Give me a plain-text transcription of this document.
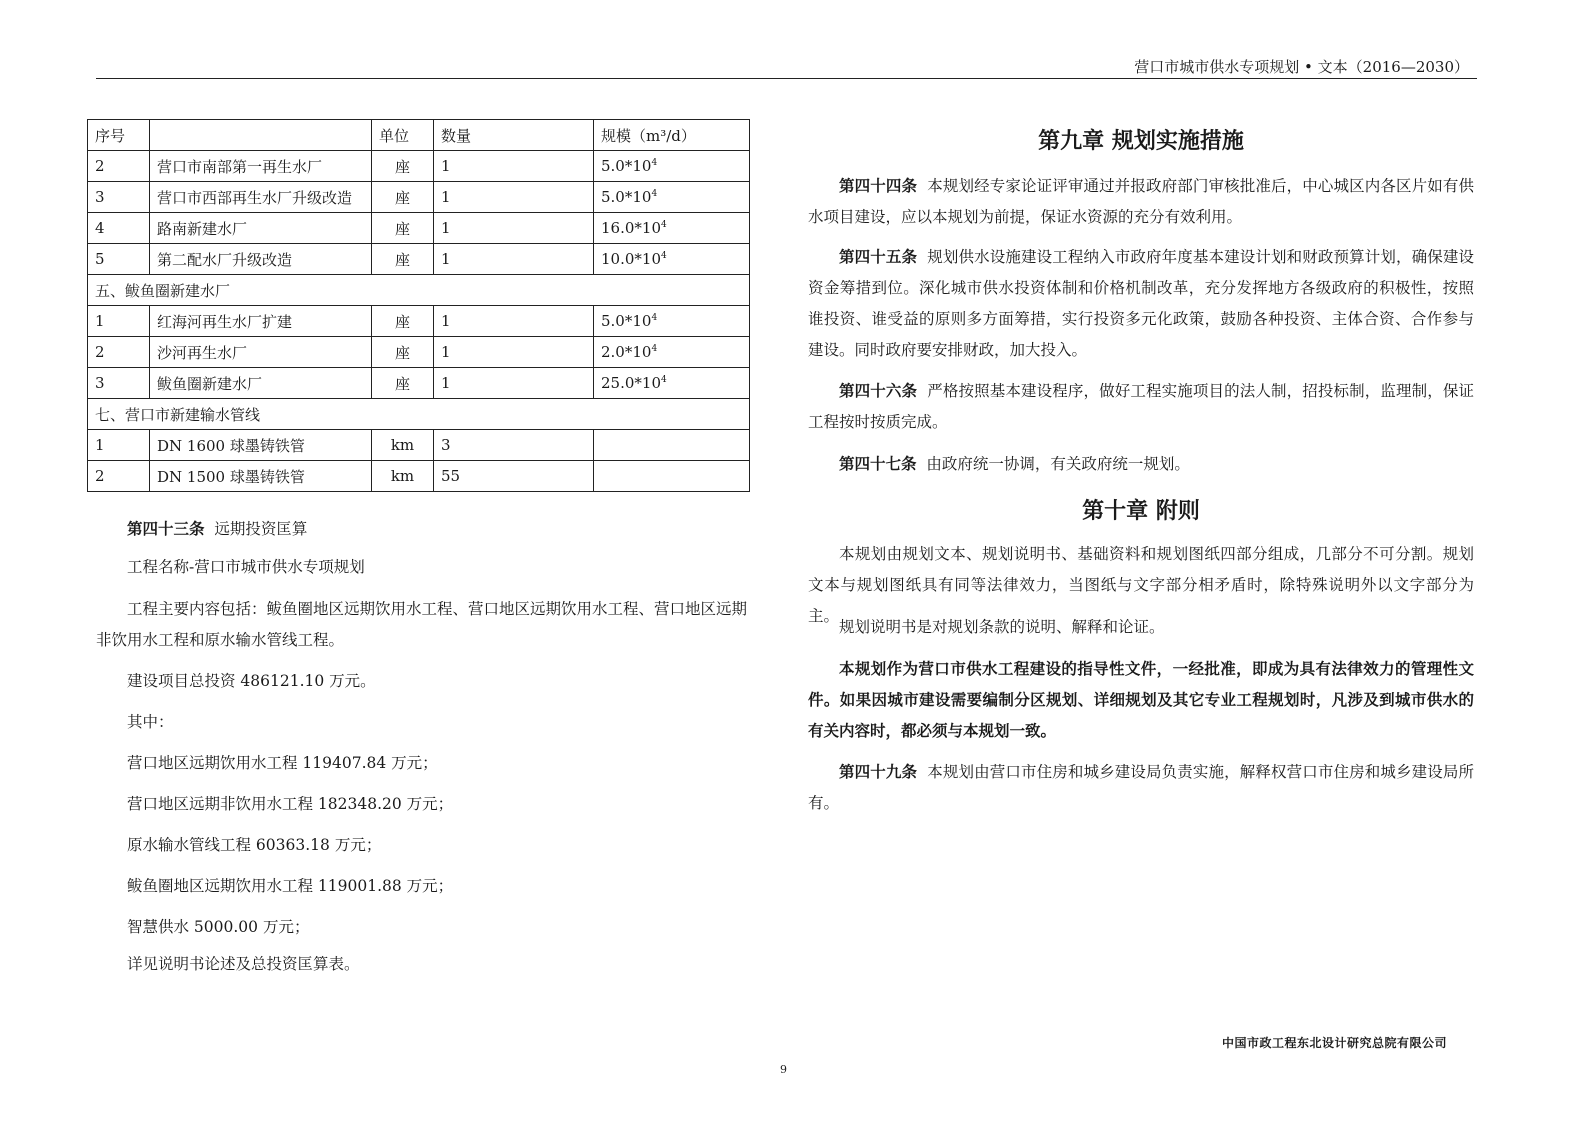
营口市城市供水专项规划 • 文本（2016—2030）
序号		单位	数量	规模（m³/d）
2	营口市南部第一再生水厂	座	1	$5.0*10^4$
3	营口市西部再生水厂升级改造	座	1	$5.0*10^4$
4	路南新建水厂	座	1	$16.0*10^4$
5	第二配水厂升级改造	座	1	$10.0*10^4$
五、鲅鱼圈新建水厂				
1	红海河再生水厂扩建	座	1	$5.0*10^4$
2	沙河再生水厂	座	1	$2.0*10^4$
3	鲅鱼圈新建水厂	座	1	$25.0*10^4$
七、营口市新建输水管线				
1	DN 1600 球墨铸铁管	km	3	
2	DN 1500 球墨铸铁管	km	55	

第四十三条 远期投资匡算

工程名称-营口市城市供水专项规划

工程主要内容包括：鲅鱼圈地区远期饮用水工程、营口地区远期饮用水工程、营口地区远期

非饮用水工程和原水输水管线工程。

建设项目总投资 486121.10 万元。

其中：

营口地区远期饮用水工程 119407.84 万元；

营口地区远期非饮用水工程 182348.20 万元；

原水输水管线工程 60363.18 万元；

鲅鱼圈地区远期饮用水工程 119001.88 万元；

智慧供水 5000.00 万元；

详见说明书论述及总投资匡算表。

第九章 规划实施措施

第四十四条 本规划经专家论证评审通过并报政府部门审核批准后，中心城区内各区片如有供水项目建设，应以本规划为前提，保证水资源的充分有效利用。

第四十五条 规划供水设施建设工程纳入市政府年度基本建设计划和财政预算计划，确保建设资金筹措到位。深化城市供水投资体制和价格机制改革，充分发挥地方各级政府的积极性，按照谁投资、谁受益的原则多方面筹措，实行投资多元化政策，鼓励各种投资、主体合资、合作参与建设。同时政府要安排财政，加大投入。

第四十六条 严格按照基本建设程序，做好工程实施项目的法人制，招投标制，监理制，保证工程按时按质完成。

第四十七条 由政府统一协调，有关政府统一规划。

第十章 附则

本规划由规划文本、规划说明书、基础资料和规划图纸四部分组成，几部分不可分割。规划文本与规划图纸具有同等法律效力，当图纸与文字部分相矛盾时，除特殊说明外以文字部分为主。

规划说明书是对规划条款的说明、解释和论证。

本规划作为营口市供水工程建设的指导性文件，一经批准，即成为具有法律效力的管理性文件。如果因城市建设需要编制分区规划、详细规划及其它专业工程规划时，凡涉及到城市供水的有关内容时，都必须与本规划一致。

第四十九条 本规划由营口市住房和城乡建设局负责实施，解释权营口市住房和城乡建设局所有。

中国市政工程东北设计研究总院有限公司
9
